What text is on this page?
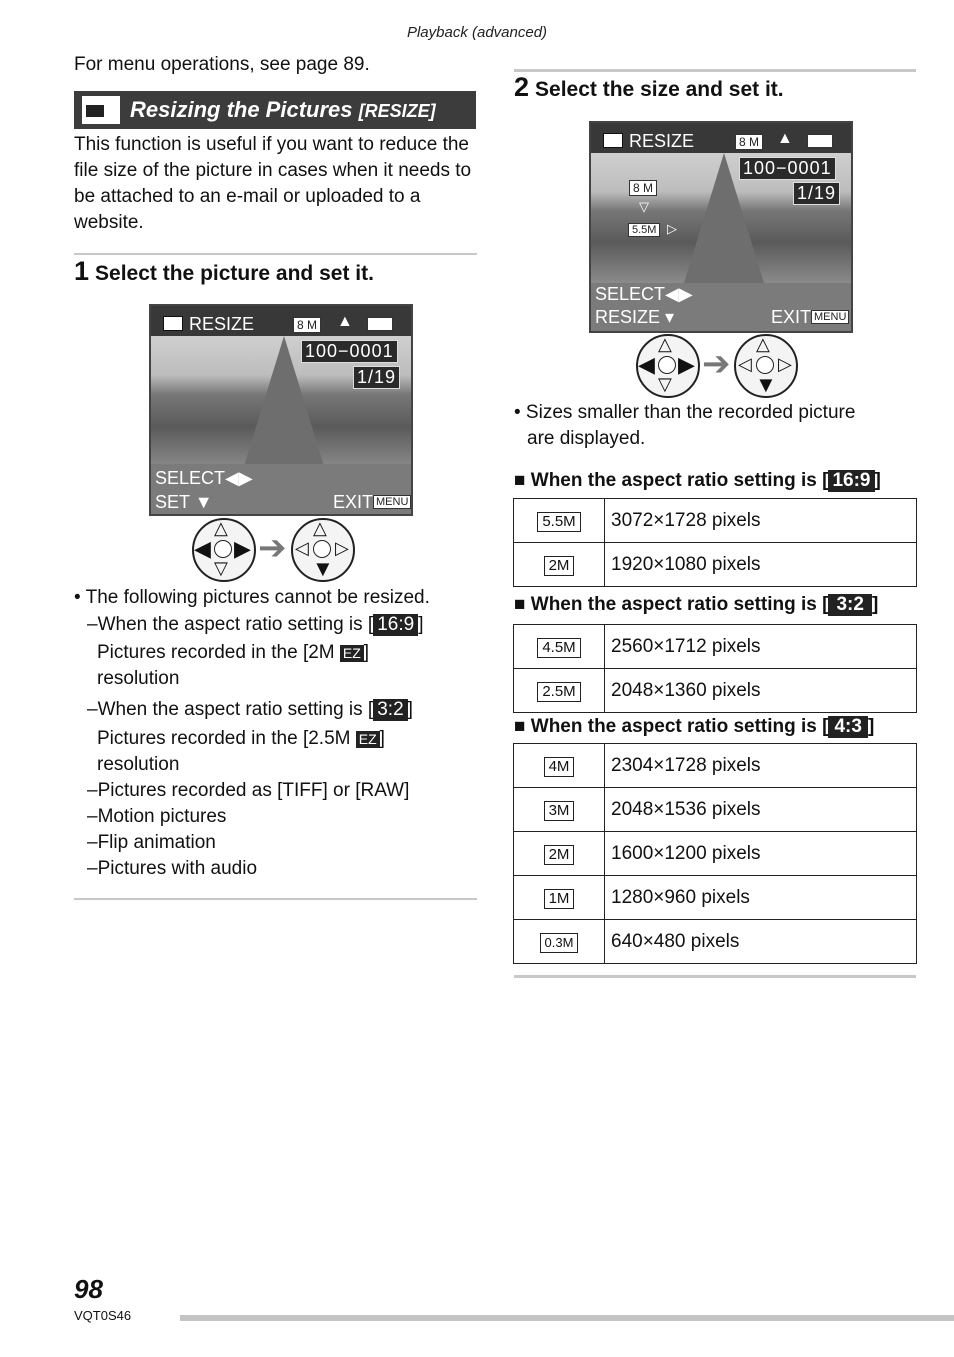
Playback (advanced)
For menu operations, see page 89.
Resizing the Pictures [RESIZE]
This function is useful if you want to reduce the file size of the picture in cases when it needs to be attached to an e-mail or uploaded to a website.
1 Select the picture and set it.
RESIZE	8 M ▲
100−0001
1/19
SELECT◀▶
SET ▼	EXIT MENU
◀ ▶
△
▽
➔ ◁ ▷
△
▼
• The following pictures cannot be resized.
–When the aspect ratio setting is [ 16:9 ]
Pictures recorded in the [2M EZ ]
resolution
–When the aspect ratio setting is [ 3:2 ]
Pictures recorded in the [2.5M EZ ]
resolution
–Pictures recorded as [TIFF] or [RAW]
–Motion pictures
–Flip animation
–Pictures with audio
2 Select the size and set it.
RESIZE	8 M ▲
100−0001
1/19
8 M
▽
5.5M ▷
SELECT◀▶
RESIZE ▾	EXIT MENU
◀ ▶
△
▽
➔ ◁ ▷
△
▼
• Sizes smaller than the recorded picture
are displayed.
■ When the aspect ratio setting is [ 16:9 ]
5.5M	3072×1728 pixels
2M	1920×1080 pixels
■ When the aspect ratio setting is [ 3:2 ]
4.5M	2560×1712 pixels
2.5M	2048×1360 pixels
■ When the aspect ratio setting is [ 4:3 ]
4M	2304×1728 pixels
3M	2048×1536 pixels
2M	1600×1200 pixels
1M	1280×960 pixels
0.3M	640×480 pixels
98
VQT0S46
